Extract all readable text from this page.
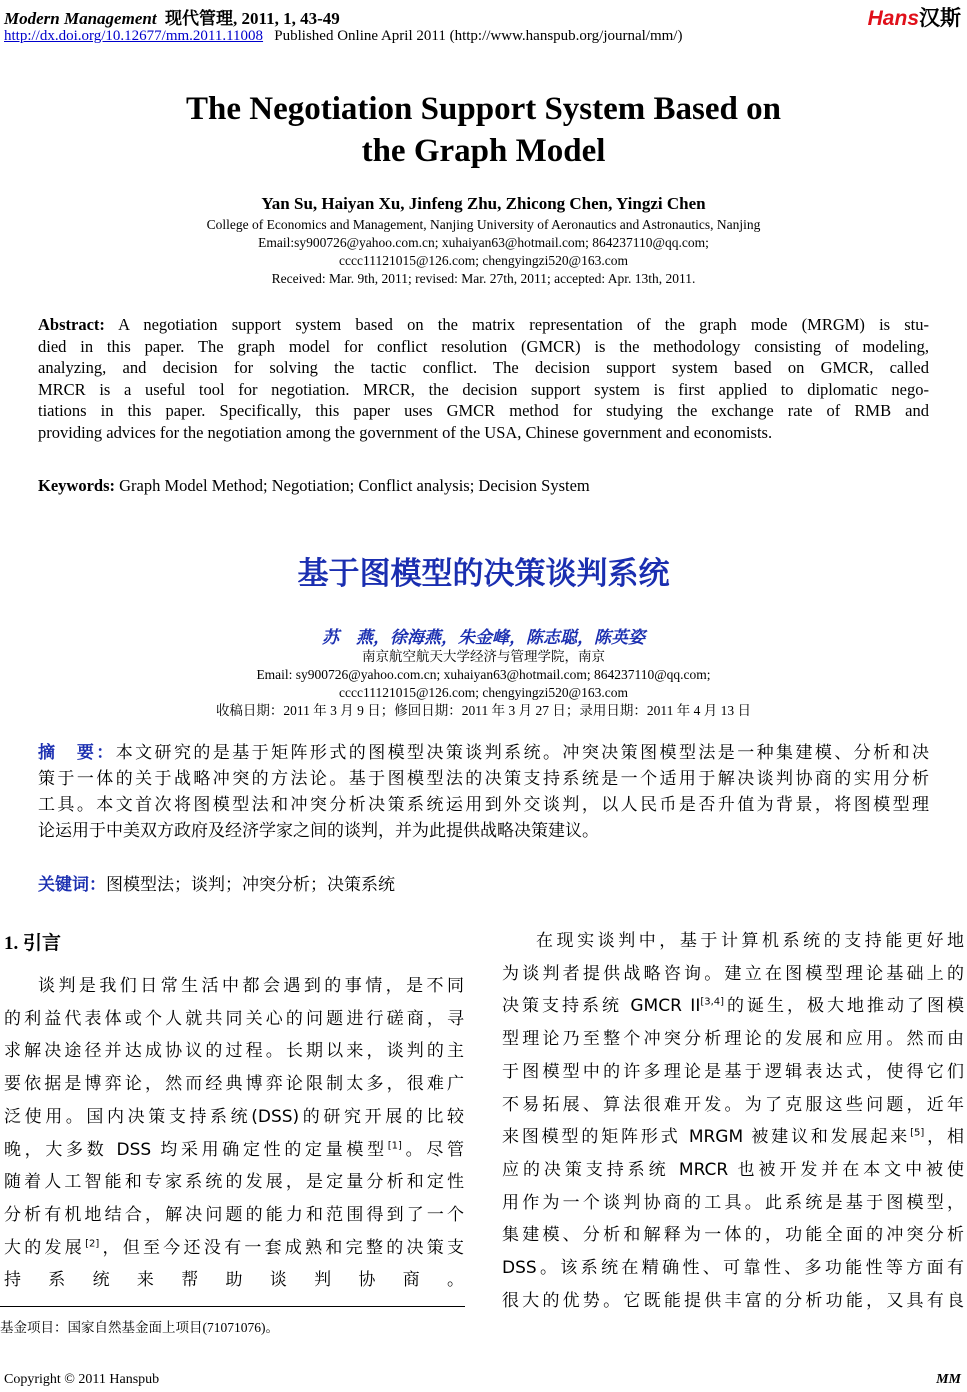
Modern Management 现代管理, 2011, 1, 43-49
http://dx.doi.org/10.12677/mm.2011.11008 Published Online April 2011 (http://www.hanspub.org/journal/mm/)
Hans汉斯
The Negotiation Support System Based on
the Graph Model
Yan Su, Haiyan Xu, Jinfeng Zhu, Zhicong Chen, Yingzi Chen
College of Economics and Management, Nanjing University of Aeronautics and Astronautics, Nanjing
Email:sy900726@yahoo.com.cn; xuhaiyan63@hotmail.com; 864237110@qq.com;
cccc11121015@126.com; chengyingzi520@163.com
Received: Mar. 9th, 2011; revised: Mar. 27th, 2011; accepted: Apr. 13th, 2011.
Abstract: A negotiation support system based on the matrix representation of the graph mode (MRGM) is stu-
died in this paper. The graph model for conflict resolution (GMCR) is the methodology consisting of modeling,
analyzing, and decision for solving the tactic conflict. The decision support system based on GMCR, called
MRCR is a useful tool for negotiation. MRCR, the decision support system is first applied to diplomatic nego-
tiations in this paper. Specifically, this paper uses GMCR method for studying the exchange rate of RMB and
providing advices for the negotiation among the government of the USA, Chinese government and economists.
Keywords: Graph Model Method; Negotiation; Conflict analysis; Decision System
基于图模型的决策谈判系统
苏　燕，徐海燕，朱金峰，陈志聪，陈英姿
南京航空航天大学经济与管理学院，南京
Email: sy900726@yahoo.com.cn; xuhaiyan63@hotmail.com; 864237110@qq.com;
cccc11121015@126.com; chengyingzi520@163.com
收稿日期：2011 年 3 月 9 日；修回日期：2011 年 3 月 27 日；录用日期：2011 年 4 月 13 日
摘　要：本文研究的是基于矩阵形式的图模型决策谈判系统。冲突决策图模型法是一种集建模、分析和决
策于一体的关于战略冲突的方法论。基于图模型法的决策支持系统是一个适用于解决谈判协商的实用分析
工具。本文首次将图模型法和冲突分析决策系统运用到外交谈判，以人民币是否升值为背景，将图模型理
论运用于中美双方政府及经济学家之间的谈判，并为此提供战略决策建议。
关键词：图模型法；谈判；冲突分析；决策系统
1. 引言
谈判是我们日常生活中都会遇到的事情，是不同
的利益代表体或个人就共同关心的问题进行磋商，寻
求解决途径并达成协议的过程。长期以来，谈判的主
要依据是博弈论，然而经典博弈论限制太多，很难广
泛使用。国内决策支持系统(DSS)的研究开展的比较
晚，大多数 DSS 均采用确定性的定量模型[1]。尽管
随着人工智能和专家系统的发展，是定量分析和定性
分析有机地结合，解决问题的能力和范围得到了一个
大的发展[2]，但至今还没有一套成熟和完整的决策支
持系统来帮助谈判协商。
在现实谈判中，基于计算机系统的支持能更好地
为谈判者提供战略咨询。建立在图模型理论基础上的
决策支持系统 GMCR II[3,4]的诞生，极大地推动了图模
型理论乃至整个冲突分析理论的发展和应用。然而由
于图模型中的许多理论是基于逻辑表达式，使得它们
不易拓展、算法很难开发。为了克服这些问题，近年
来图模型的矩阵形式 MRGM 被建议和发展起来[5]，相
应的决策支持系统 MRCR 也被开发并在本文中被使
用作为一个谈判协商的工具。此系统是基于图模型，
集建模、分析和解释为一体的，功能全面的冲突分析
DSS。该系统在精确性、可靠性、多功能性等方面有
很大的优势。它既能提供丰富的分析功能，又具有良
基金项目：国家自然基金面上项目(71071076)。
Copyright © 2011 Hanspub	MM
